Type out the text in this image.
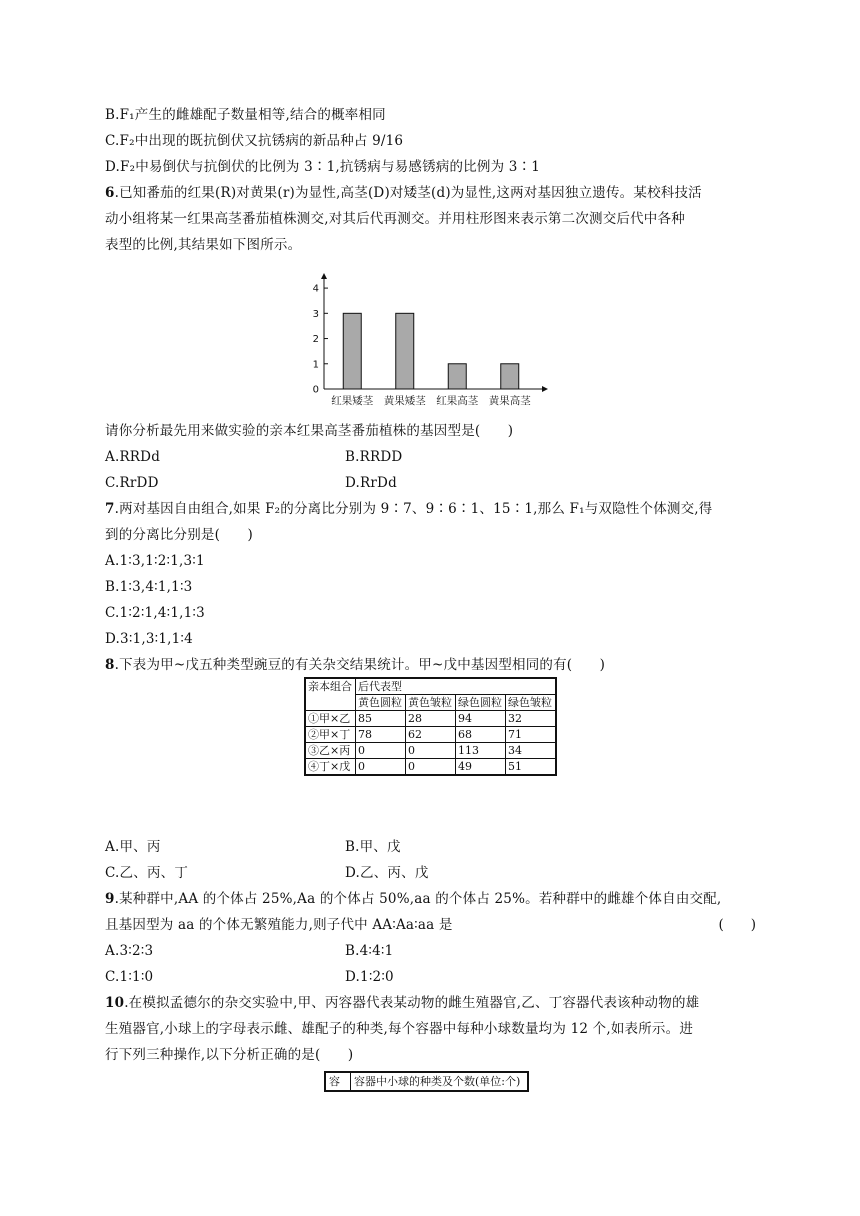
B.F₁产生的雌雄配子数量相等,结合的概率相同
C.F₂中出现的既抗倒伏又抗锈病的新品种占 9/16
D.F₂中易倒伏与抗倒伏的比例为 3∶1,抗锈病与易感锈病的比例为 3∶1
6.已知番茄的红果(R)对黄果(r)为显性,高茎(D)对矮茎(d)为显性,这两对基因独立遗传。某校科技活
动小组将某一红果高茎番茄植株测交,对其后代再测交。并用柱形图来表示第二次测交后代中各种
表型的比例,其结果如下图所示。
0
1
2
3
4
红果矮茎 黄果矮茎 红果高茎 黄果高茎
请你分析最先用来做实验的亲本红果高茎番茄植株的基因型是(　　)
A.RRDd	B.RRDD
C.RrDD	D.RrDd
7.两对基因自由组合,如果 F₂的分离比分别为 9∶7、9∶6∶1、15∶1,那么 F₁与双隐性个体测交,得
到的分离比分别是(　　)
A.1∶3,1∶2∶1,3∶1
B.1∶3,4∶1,1∶3
C.1∶2∶1,4∶1,1∶3
D.3∶1,3∶1,1∶4
8.下表为甲~戊五种类型豌豆的有关杂交结果统计。甲~戊中基因型相同的有(　　)
亲本组合	后代表型			
	黄色圆粒	黄色皱粒	绿色圆粒	绿色皱粒
①甲×乙	85	28	94	32
②甲×丁	78	62	68	71
③乙×丙	0	0	113	34
④丁×戊	0	0	49	51
A.甲、丙	B.甲、戊
C.乙、丙、丁	D.乙、丙、戊
9.某种群中,AA 的个体占 25%,Aa 的个体占 50%,aa 的个体占 25%。若种群中的雌雄个体自由交配,
且基因型为 aa 的个体无繁殖能力,则子代中 AA∶Aa∶aa 是	(　　)
A.3∶2∶3	B.4∶4∶1
C.1∶1∶0	D.1∶2∶0
10.在模拟孟德尔的杂交实验中,甲、丙容器代表某动物的雌生殖器官,乙、丁容器代表该种动物的雄
生殖器官,小球上的字母表示雌、雄配子的种类,每个容器中每种小球数量均为 12 个,如表所示。进
行下列三种操作,以下分析正确的是(　　)
容	容器中小球的种类及个数(单位:个)
